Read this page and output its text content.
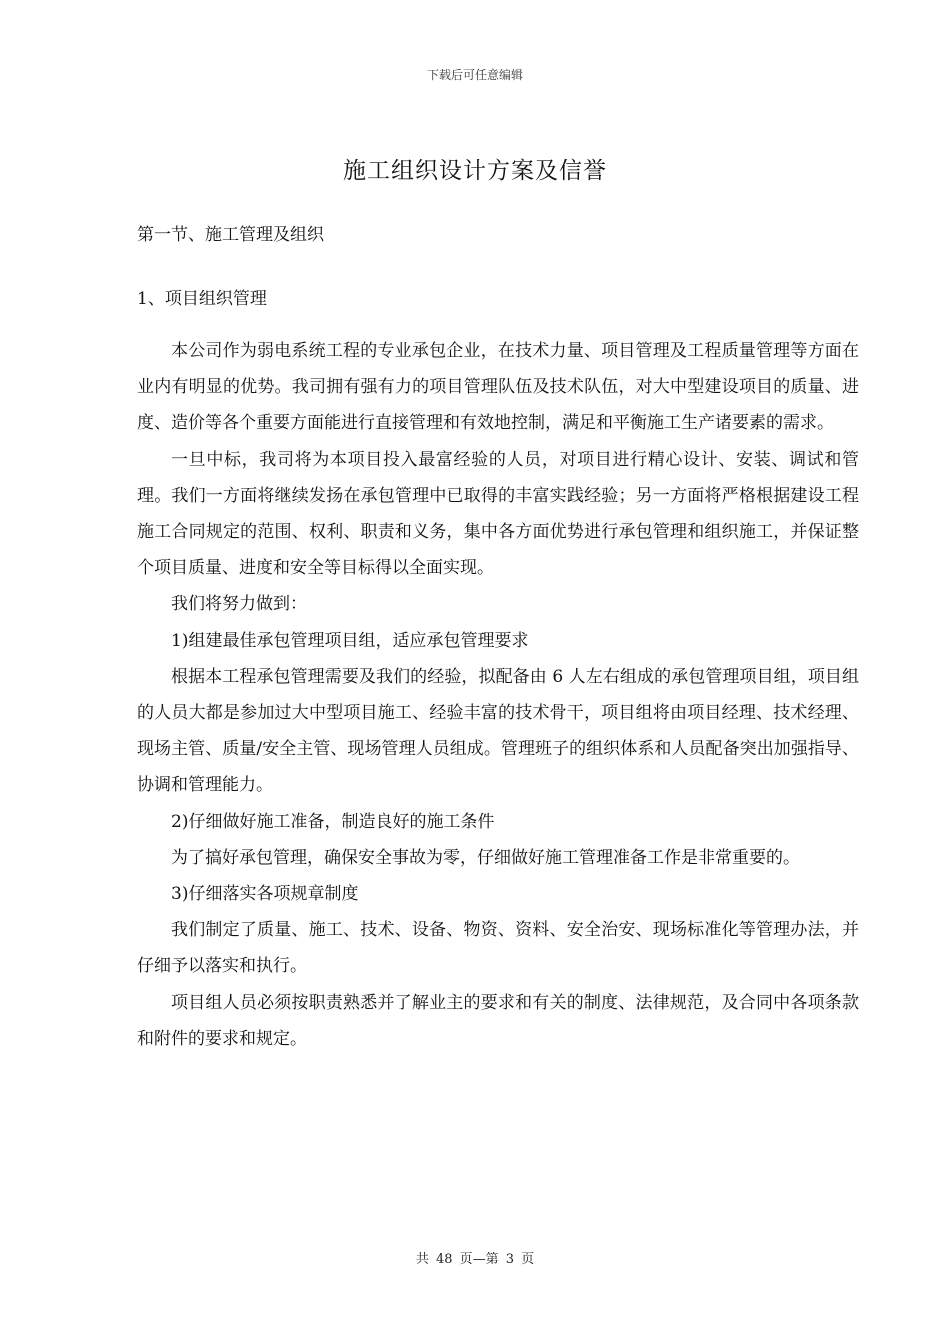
下载后可任意编辑
施工组织设计方案及信誉
第一节、施工管理及组织
1、项目组织管理

本公司作为弱电系统工程的专业承包企业，在技术力量、项目管理及工程质量管理等方面在业内有明显的优势。我司拥有强有力的项目管理队伍及技术队伍，对大中型建设项目的质量、进度、造价等各个重要方面能进行直接管理和有效地控制，满足和平衡施工生产诸要素的需求。

一旦中标，我司将为本项目投入最富经验的人员，对项目进行精心设计、安装、调试和管理。我们一方面将继续发扬在承包管理中已取得的丰富实践经验；另一方面将严格根据建设工程施工合同规定的范围、权利、职责和义务，集中各方面优势进行承包管理和组织施工，并保证整个项目质量、进度和安全等目标得以全面实现。

我们将努力做到：

1)组建最佳承包管理项目组，适应承包管理要求

根据本工程承包管理需要及我们的经验，拟配备由 6 人左右组成的承包管理项目组，项目组的人员大都是参加过大中型项目施工、经验丰富的技术骨干，项目组将由项目经理、技术经理、现场主管、质量/安全主管、现场管理人员组成。管理班子的组织体系和人员配备突出加强指导、协调和管理能力。

2)仔细做好施工准备，制造良好的施工条件

为了搞好承包管理，确保安全事故为零，仔细做好施工管理准备工作是非常重要的。

3)仔细落实各项规章制度

我们制定了质量、施工、技术、设备、物资、资料、安全治安、现场标准化等管理办法，并仔细予以落实和执行。

项目组人员必须按职责熟悉并了解业主的要求和有关的制度、法律规范，及合同中各项条款和附件的要求和规定。

共 48 页—第 3 页
